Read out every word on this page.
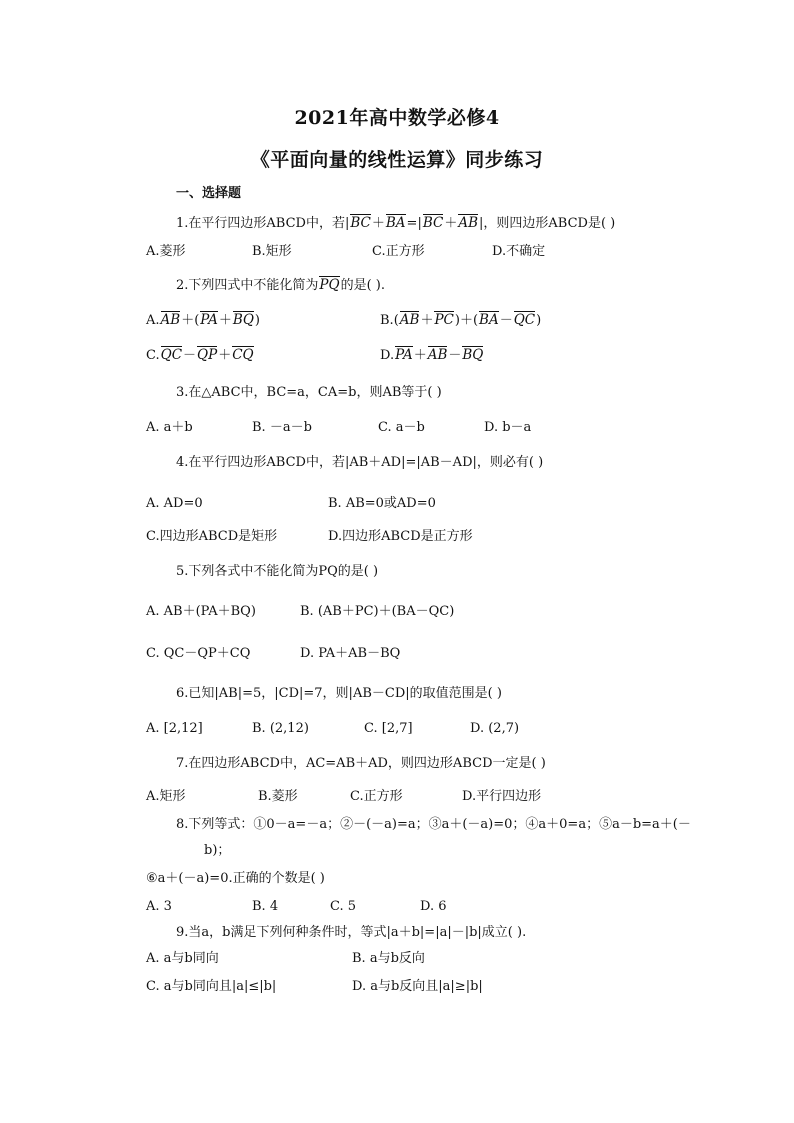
2021年高中数学必修4
《平面向量的线性运算》同步练习
一、选择题
1.在平行四边形ABCD中，若|BC＋BA=|BC＋AB|，则四边形ABCD是( )
A.菱形	B.矩形	C.正方形	D.不确定
2.下列四式中不能化简为PQ的是( ).
A.AB＋(PA＋BQ)	B.(AB＋PC)＋(BA－QC)
C.QC－QP＋CQ	D.PA＋AB－BQ
3.在△ABC中，BC=a，CA=b，则AB等于( )
A. a＋b	B. －a－b	C. a－b	D. b－a
4.在平行四边形ABCD中，若|AB＋AD|=|AB－AD|，则必有( )
A. AD=0	B. AB=0或AD=0
C.四边形ABCD是矩形	D.四边形ABCD是正方形
5.下列各式中不能化简为PQ的是( )
A. AB＋(PA＋BQ)	B. (AB＋PC)＋(BA－QC)
C. QC－QP＋CQ	D. PA＋AB－BQ
6.已知|AB|=5，|CD|=7，则|AB－CD|的取值范围是( )
A. [2,12]	B. (2,12)	C. [2,7]	D. (2,7)
7.在四边形ABCD中，AC=AB＋AD，则四边形ABCD一定是( )
A.矩形	B.菱形	C.正方形	D.平行四边形
8.下列等式：①0－a=－a；②－(－a)=a；③a＋(－a)=0；④a＋0=a；⑤a－b=a＋(－
b)；
⑥a＋(－a)=0.正确的个数是( )
A. 3	B. 4	C. 5	D. 6
9.当a，b满足下列何种条件时，等式|a＋b|=|a|－|b|成立( ).
A. a与b同向	B. a与b反向
C. a与b同向且|a|≤|b|	D. a与b反向且|a|≥|b|
